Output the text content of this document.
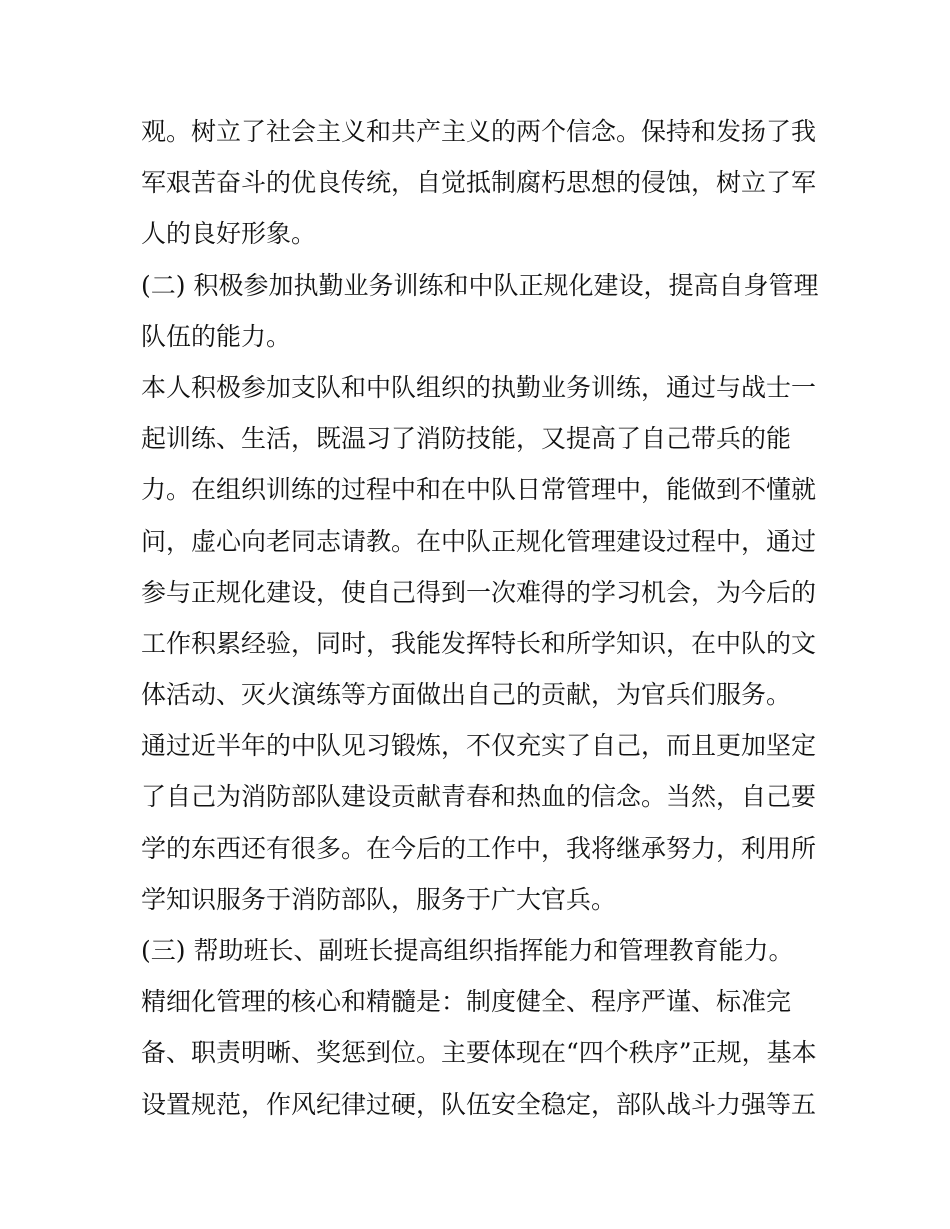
观。树立了社会主义和共产主义的两个信念。保持和发扬了我
军艰苦奋斗的优良传统，自觉抵制腐朽思想的侵蚀，树立了军
人的良好形象。
(二) 积极参加执勤业务训练和中队正规化建设，提高自身管理
队伍的能力。
本人积极参加支队和中队组织的执勤业务训练，通过与战士一
起训练、生活，既温习了消防技能，又提高了自己带兵的能
力。在组织训练的过程中和在中队日常管理中，能做到不懂就
问，虚心向老同志请教。在中队正规化管理建设过程中，通过
参与正规化建设，使自己得到一次难得的学习机会，为今后的
工作积累经验，同时，我能发挥特长和所学知识，在中队的文
体活动、灭火演练等方面做出自己的贡献，为官兵们服务。
通过近半年的中队见习锻炼，不仅充实了自己，而且更加坚定
了自己为消防部队建设贡献青春和热血的信念。当然，自己要
学的东西还有很多。在今后的工作中，我将继承努力，利用所
学知识服务于消防部队，服务于广大官兵。
(三) 帮助班长、副班长提高组织指挥能力和管理教育能力。
精细化管理的核心和精髓是：制度健全、程序严谨、标准完
备、职责明晰、奖惩到位。主要体现在“四个秩序”正规，基本
设置规范，作风纪律过硬，队伍安全稳定，部队战斗力强等五
